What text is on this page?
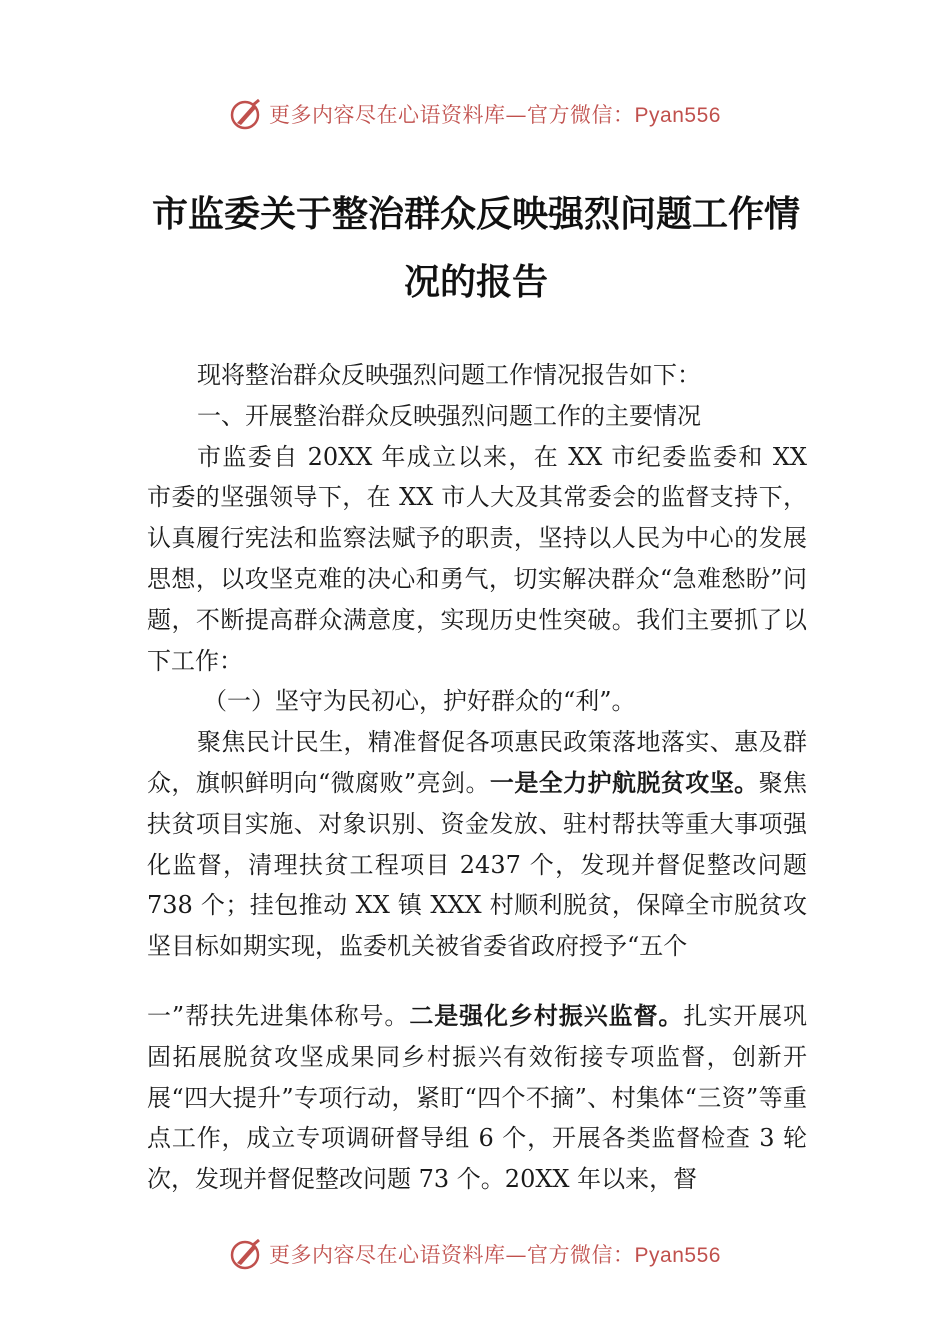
更多内容尽在心语资料库—官方微信：Pyan556
市监委关于整治群众反映强烈问题工作情况的报告

现将整治群众反映强烈问题工作情况报告如下：

一、开展整治群众反映强烈问题工作的主要情况

市监委自 20XX 年成立以来，在 XX 市纪委监委和 XX 市委的坚强领导下，在 XX 市人大及其常委会的监督支持下，认真履行宪法和监察法赋予的职责，坚持以人民为中心的发展思想，以攻坚克难的决心和勇气，切实解决群众“急难愁盼”问题，不断提高群众满意度，实现历史性突破。我们主要抓了以下工作：

（一）坚守为民初心，护好群众的“利”。

聚焦民计民生，精准督促各项惠民政策落地落实、惠及群众，旗帜鲜明向“微腐败”亮剑。一是全力护航脱贫攻坚。聚焦扶贫项目实施、对象识别、资金发放、驻村帮扶等重大事项强化监督，清理扶贫工程项目 2437 个，发现并督促整改问题 738 个；挂包推动 XX 镇 XXX 村顺利脱贫，保障全市脱贫攻坚目标如期实现，监委机关被省委省政府授予“五个

一”帮扶先进集体称号。二是强化乡村振兴监督。扎实开展巩固拓展脱贫攻坚成果同乡村振兴有效衔接专项监督，创新开展“四大提升”专项行动，紧盯“四个不摘”、村集体“三资”等重点工作，成立专项调研督导组 6 个，开展各类监督检查 3 轮次，发现并督促整改问题 73 个。20XX 年以来，督

更多内容尽在心语资料库—官方微信：Pyan556
